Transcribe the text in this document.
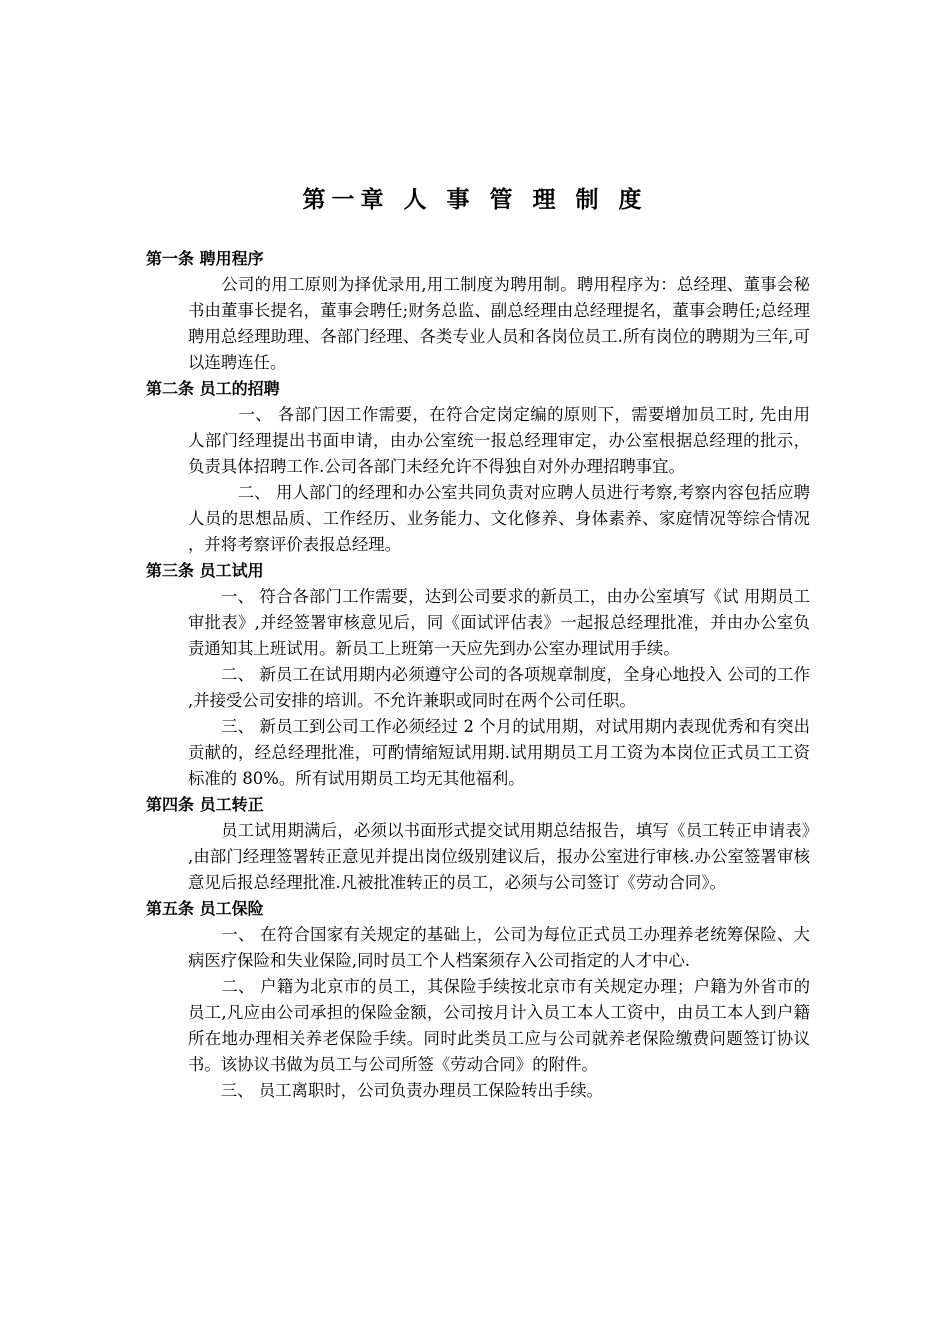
第一章 人 事 管 理 制 度
第一条 聘用程序
　　公司的用工原则为择优录用,用工制度为聘用制。聘用程序为：总经理、董事会秘书由董事长提名，董事会聘任;财务总监、副总经理由总经理提名，董事会聘任;总经理聘用总经理助理、各部门经理、各类专业人员和各岗位员工.所有岗位的聘期为三年,可以连聘连任。
第二条 员工的招聘
　　　一、 各部门因工作需要，在符合定岗定编的原则下，需要增加员工时, 先由用人部门经理提出书面申请，由办公室统一报总经理审定，办公室根据总经理的批示，负责具体招聘工作.公司各部门未经允许不得独自对外办理招聘事宜。
　　　二、 用人部门的经理和办公室共同负责对应聘人员进行考察,考察内容包括应聘人员的思想品质、工作经历、业务能力、文化修养、身体素养、家庭情况等综合情况，并将考察评价表报总经理。
第三条 员工试用
　　一、 符合各部门工作需要，达到公司要求的新员工，由办公室填写《试 用期员工审批表》,并经签署审核意见后，同《面试评估表》一起报总经理批准，并由办公室负责通知其上班试用。新员工上班第一天应先到办公室办理试用手续。
　　二、 新员工在试用期内必须遵守公司的各项规章制度，全身心地投入 公司的工作,并接受公司安排的培训。不允许兼职或同时在两个公司任职。
　　三、 新员工到公司工作必须经过 2 个月的试用期，对试用期内表现优秀和有突出贡献的，经总经理批准，可酌情缩短试用期.试用期员工月工资为本岗位正式员工工资标准的 80%。所有试用期员工均无其他福利。
第四条 员工转正
　　员工试用期满后，必须以书面形式提交试用期总结报告，填写《员工转正申请表》,由部门经理签署转正意见并提出岗位级别建议后，报办公室进行审核.办公室签署审核意见后报总经理批准.凡被批准转正的员工，必须与公司签订《劳动合同》。
第五条 员工保险
　　一、 在符合国家有关规定的基础上，公司为每位正式员工办理养老统筹保险、大病医疗保险和失业保险,同时员工个人档案须存入公司指定的人才中心.
　　二、 户籍为北京市的员工，其保险手续按北京市有关规定办理；户籍为外省市的员工,凡应由公司承担的保险金额，公司按月计入员工本人工资中，由员工本人到户籍所在地办理相关养老保险手续。同时此类员工应与公司就养老保险缴费问题签订协议书。该协议书做为员工与公司所签《劳动合同》的附件。
　　三、 员工离职时，公司负责办理员工保险转出手续。
